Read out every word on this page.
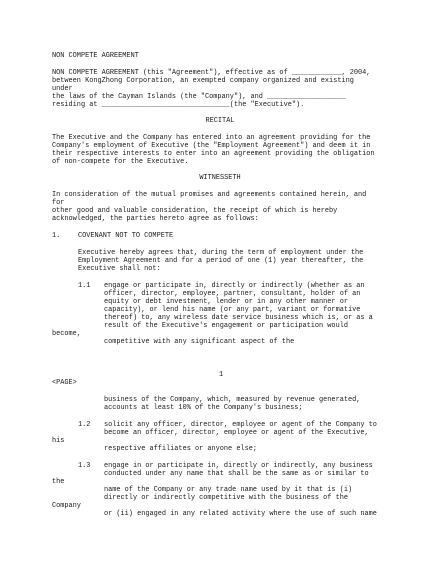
NON COMPETE AGREEMENT
NON COMPETE AGREEMENT (this "Agreement"), effective as of ____________, 2004,
between KongZhong Corporation, an exempted company organized and existing
under
the laws of the Cayman Islands (the "Company"), and ___________________
residing at _______________________________(the "Executive").
RECITAL
The Executive and the Company has entered into an agreement providing for the
Company's employment of Executive (the "Employment Agreement") and deem it in
their respective interests to enter into an agreement providing the obligation
of non-compete for the Executive.
WITNESSETH
In consideration of the mutual promises and agreements contained herein, and
for
other good and valuable consideration, the receipt of which is hereby
acknowledged, the parties hereto agree as follows:
1.	COVENANT NOT TO COMPETE
Executive hereby agrees that, during the term of employment under the
Employment Agreement and for a period of one (1) year thereafter, the
Executive shall not:
1.1 engage or participate in, directly or indirectly (whether as an
officer, director, employee, partner, consultant, holder of an
equity or debt investment, lender or in any other manner or
capacity), or lend his name (or any part, variant or formative
thereof) to, any wireless date service business which is, or as a
result of the Executive's engagement or participation would
become,
competitive with any significant aspect of the
1
<PAGE>
business of the Company, which, measured by revenue generated,
accounts at least 10% of the Company's business;
1.2 solicit any officer, director, employee or agent of the Company to
become an officer, director, employee or agent of the Executive,
his
respective affiliates or anyone else;
1.3 engage in or participate in, directly or indirectly, any business
conducted under any name that shall be the same as or similar to
the
name of the Company or any trade name used by it that is (i)
directly or indirectly competitive with the business of the
Company
or (ii) engaged in any related activity where the use of such name
